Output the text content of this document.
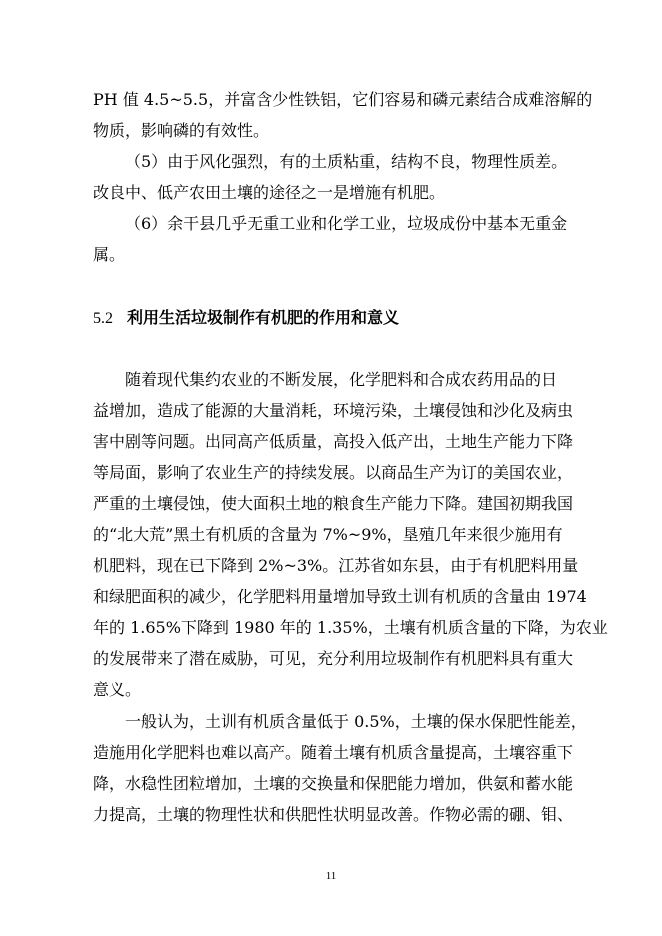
PH 值 4.5~5.5，并富含少性铁铝，它们容易和磷元素结合成难溶解的
物质，影响磷的有效性。
（5）由于风化强烈，有的土质粘重，结构不良，物理性质差。
改良中、低产农田土壤的途径之一是增施有机肥。
（6）余干县几乎无重工业和化学工业，垃圾成份中基本无重金
属。
5.2 利用生活垃圾制作有机肥的作用和意义
随着现代集约农业的不断发展，化学肥料和合成农药用品的日
益增加，造成了能源的大量消耗，环境污染，土壤侵蚀和沙化及病虫
害中剧等问题。出同高产低质量，高投入低产出，土地生产能力下降
等局面，影响了农业生产的持续发展。以商品生产为订的美国农业，
严重的土壤侵蚀，使大面积土地的粮食生产能力下降。建国初期我国
的“北大荒”黑土有机质的含量为 7%~9%，垦殖几年来很少施用有
机肥料，现在已下降到 2%~3%。江苏省如东县，由于有机肥料用量
和绿肥面积的减少，化学肥料用量增加导致土训有机质的含量由 1974
年的 1.65%下降到 1980 年的 1.35%，土壤有机质含量的下降，为农业
的发展带来了潜在威胁，可见，充分利用垃圾制作有机肥料具有重大
意义。
一般认为，土训有机质含量低于 0.5%，土壤的保水保肥性能差，
造施用化学肥料也难以高产。随着土壤有机质含量提高，土壤容重下
降，水稳性团粒增加，土壤的交换量和保肥能力增加，供氨和蓄水能
力提高，土壤的物理性状和供肥性状明显改善。作物必需的硼、钼、
11
